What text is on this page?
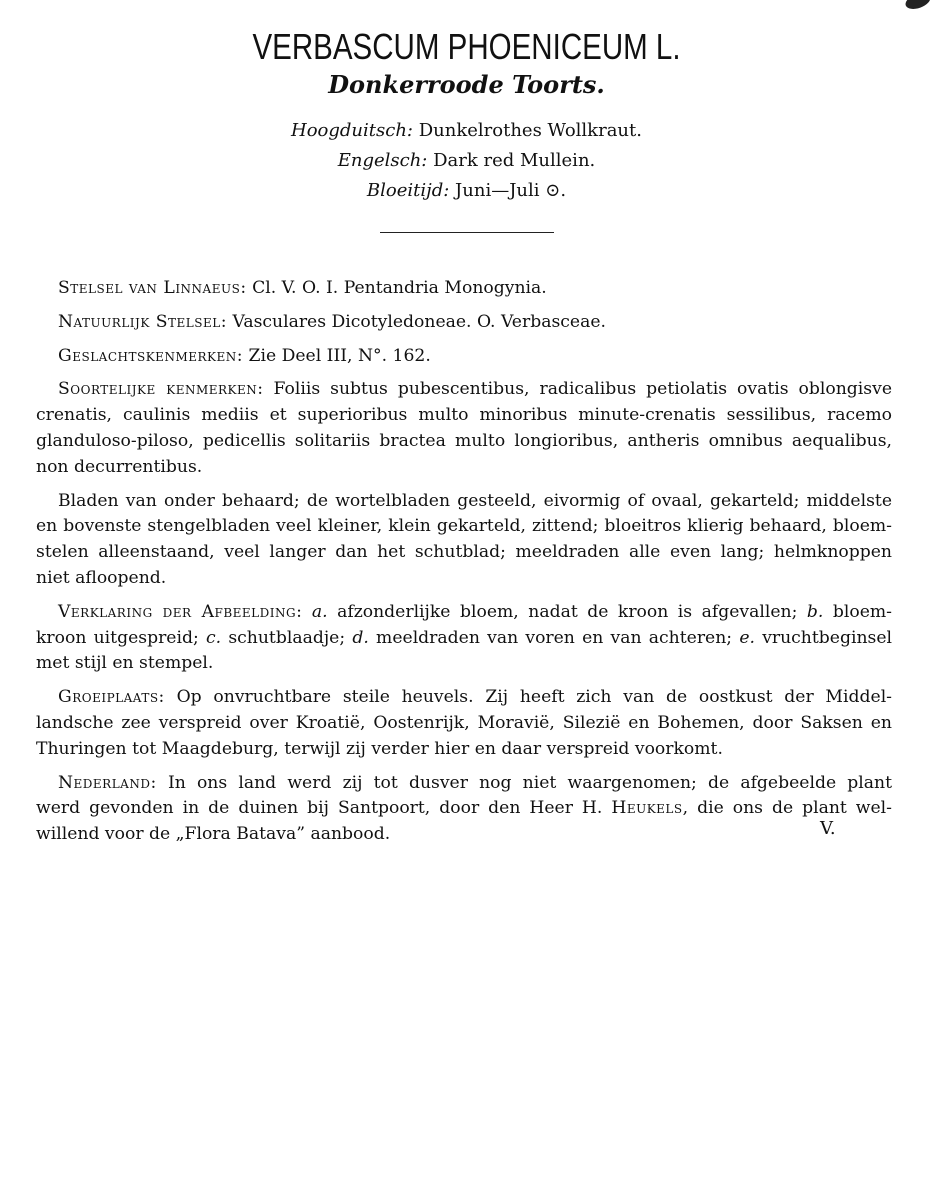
VERBASCUM PHOENICEUM L.
Donkerroode Toorts.
Hoogduitsch: Dunkelrothes Wollkraut.
Engelsch: Dark red Mullein.
Bloeitijd: Juni—Juli ⊙.
Stelsel van Linnaeus: Cl. V. O. I. Pentandria Monogynia.
Natuurlijk Stelsel: Vasculares Dicotyledoneae. O. Verbasceae.
Geslachtskenmerken: Zie Deel III, N°. 162.
Soortelijke kenmerken: Foliis subtus pubescentibus, radicalibus petiolatis ovatis oblongisve
crenatis, caulinis mediis et superioribus multo minoribus minute-crenatis sessilibus, racemo
glanduloso-piloso, pedicellis solitariis bractea multo longioribus, antheris omnibus aequalibus,
non decurrentibus.
Bladen van onder behaard; de wortelbladen gesteeld, eivormig of ovaal, gekarteld; middelste
en bovenste stengelbladen veel kleiner, klein gekarteld, zittend; bloeitros klierig behaard, bloem-
stelen alleenstaand, veel langer dan het schutblad; meeldraden alle even lang; helmknoppen
niet afloopend.
Verklaring der Afbeelding: a. afzonderlijke bloem, nadat de kroon is afgevallen; b. bloem-
kroon uitgespreid; c. schutblaadje; d. meeldraden van voren en van achteren; e. vruchtbeginsel
met stijl en stempel.
Groeiplaats: Op onvruchtbare steile heuvels. Zij heeft zich van de oostkust der Middel-
landsche zee verspreid over Kroatië, Oostenrijk, Moravië, Silezië en Bohemen, door Saksen en
Thuringen tot Maagdeburg, terwijl zij verder hier en daar verspreid voorkomt.
Nederland: In ons land werd zij tot dusver nog niet waargenomen; de afgebeelde plant
werd gevonden in de duinen bij Santpoort, door den Heer H. Heukels, die ons de plant wel-
willend voor de „Flora Batava” aanbood.	V.
